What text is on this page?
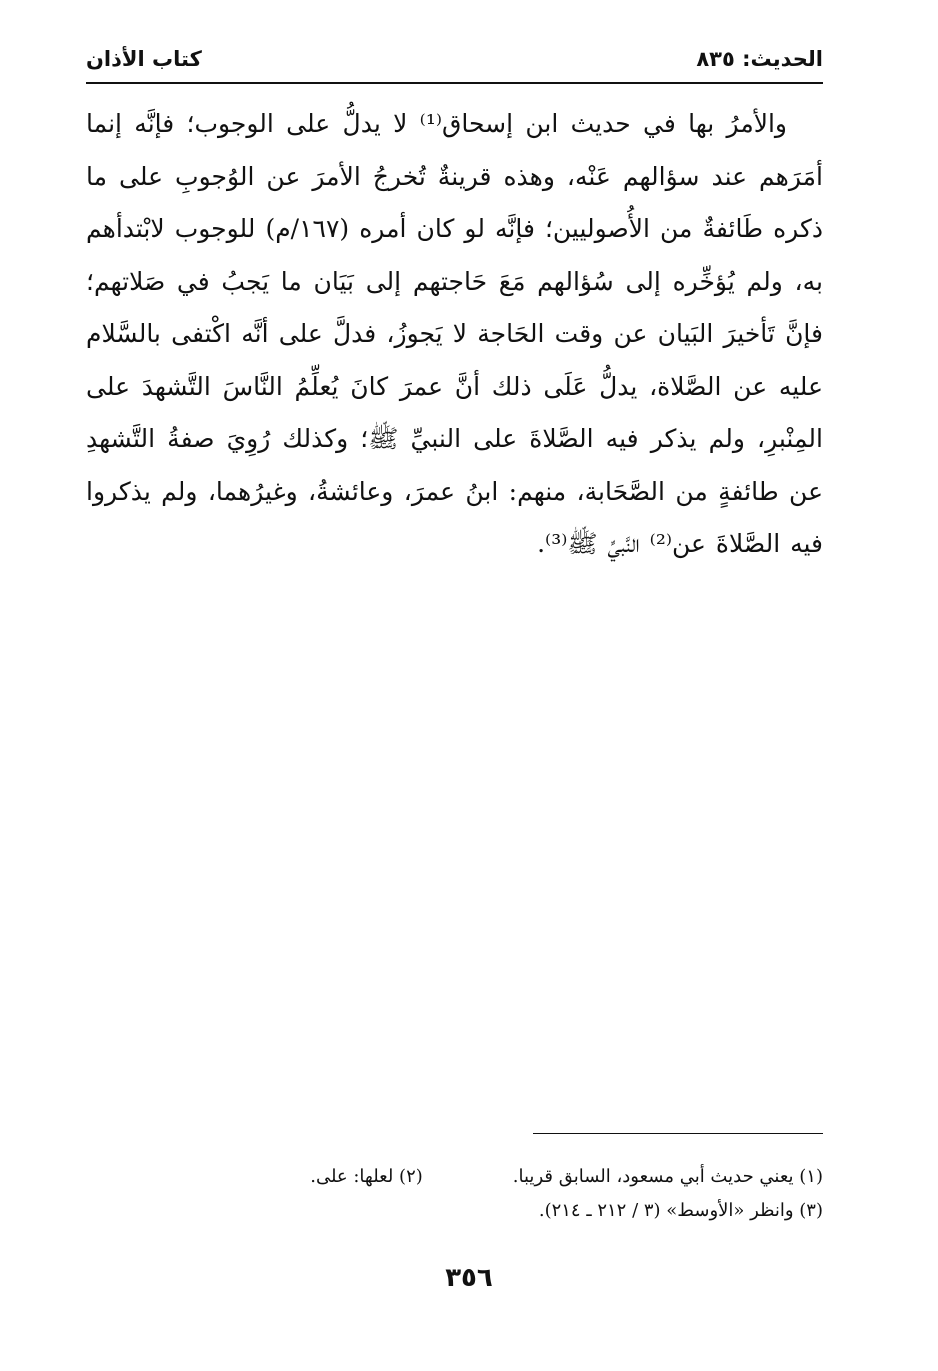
الحديث: ٨٣٥
كتاب الأذان

والأمرُ بها في حديث ابن إسحاق⁽¹⁾ لا يدلُّ على الوجوب؛ فإنَّه إنما أمَرَهم عند سؤالهم عَنْه، وهذه قرينةٌ تُخرجُ الأمرَ عن الوُجوبِ على ما ذكره طَائفةٌ من الأُصوليين؛ فإنَّه لو كان أمره (١٦٧/م) للوجوب لابْتدأهم به، ولم يُؤخِّره إلى سُؤالهم مَعَ حَاجتهم إلى بَيَان ما يَجبُ في صَلاتهم؛ فإنَّ تَأخيرَ البَيان عن وقت الحَاجة لا يَجوزُ، فدلَّ على أنَّه اكْتفى بالسَّلام عليه عن الصَّلاة، يدلُّ عَلَى ذلك أنَّ عمرَ كانَ يُعلِّمُ النَّاسَ التَّشهدَ على المِنْبرِ، ولم يذكر فيه الصَّلاةَ على النبيِّ ﷺ؛ وكذلك رُوِيَ صفةُ التَّشهدِ عن طائفةٍ من الصَّحَابة، منهم: ابنُ عمرَ، وعائشةُ، وغيرُهما، ولم يذكروا فيه الصَّلاةَ عن⁽²⁾ النَّبيِّ ﷺ⁽³⁾.

(١) يعني حديث أبي مسعود، السابق قريبا.
(٢) لعلها: على.
(٣) وانظر «الأوسط» (٣ / ٢١٢ ـ ٢١٤).
٣٥٦
